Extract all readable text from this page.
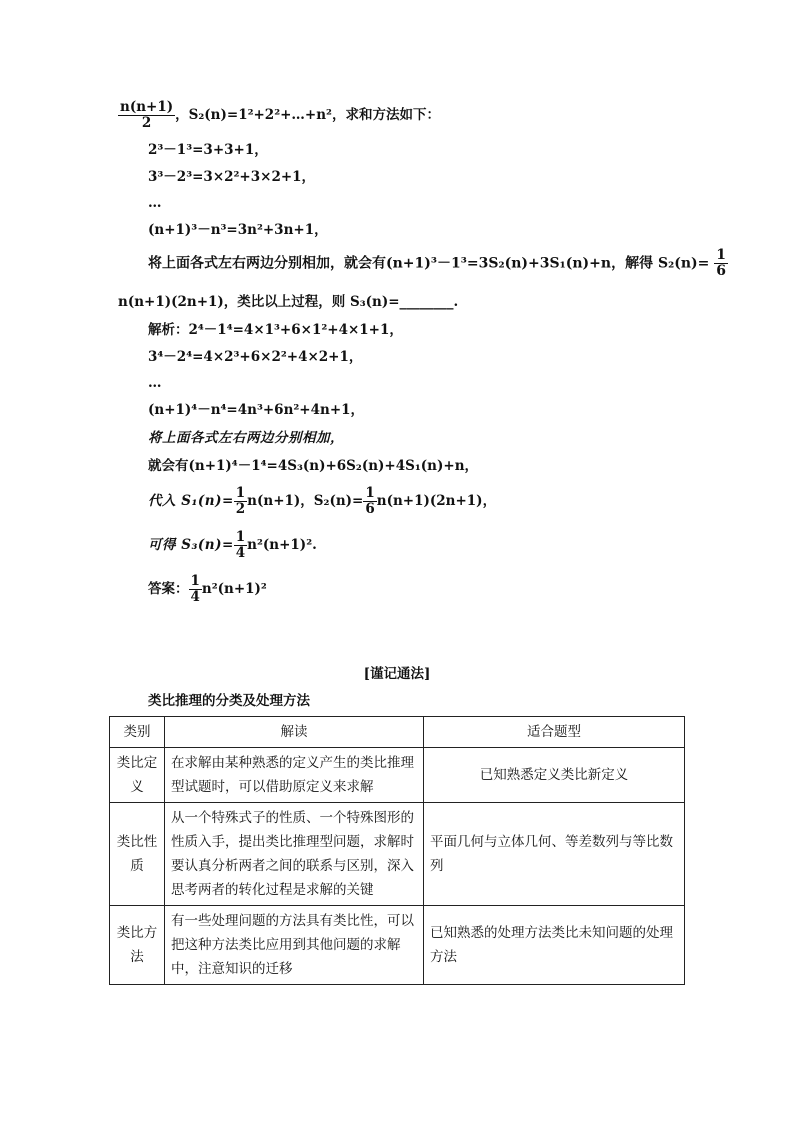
$\frac{n(n+1)}{2}$ ，S₂(n)=1²+2²+…+n²，求和方法如下：
2³－1³=3+3+1，
3³－2³=3×2²+3×2+1，
…
(n+1)³－n³=3n²+3n+1，
将上面各式左右两边分别相加，就会有(n+1)³－1³=3S₂(n)+3S₁(n)+n，解得 $S_2(n)= \frac{1}{6}$
n(n+1)(2n+1)，类比以上过程，则 S₃(n)=________.
解析：2⁴－1⁴=4×1³+6×1²+4×1+1，
3⁴－2⁴=4×2³+6×2²+4×2+1，
…
(n+1)⁴－n⁴=4n³+6n²+4n+1，
将上面各式左右两边分别相加，
就会有(n+1)⁴－1⁴=4S₃(n)+6S₂(n)+4S₁(n)+n，
代入 $S_1(n)= \frac{1}{2} n(n+1)$，$S_2(n)= \frac{1}{6} n(n+1)(2n+1)$，
可得 $S_3(n)= \frac{1}{4} n^2(n+1)^2$.
答案： $\frac{1}{4} n^2(n+1)^2$
[谨记通法]
类比推理的分类及处理方法
类别	解读	适合题型
类比定义	在求解由某种熟悉的定义产生的类比推理型试题时，可以借助原定义来求解	已知熟悉定义类比新定义
类比性质	从一个特殊式子的性质、一个特殊图形的性质入手，提出类比推理型问题，求解时要认真分析两者之间的联系与区别，深入思考两者的转化过程是求解的关键	平面几何与立体几何、等差数列与等比数列
类比方法	有一些处理问题的方法具有类比性，可以把这种方法类比应用到其他问题的求解中，注意知识的迁移	已知熟悉的处理方法类比未知问题的处理方法
